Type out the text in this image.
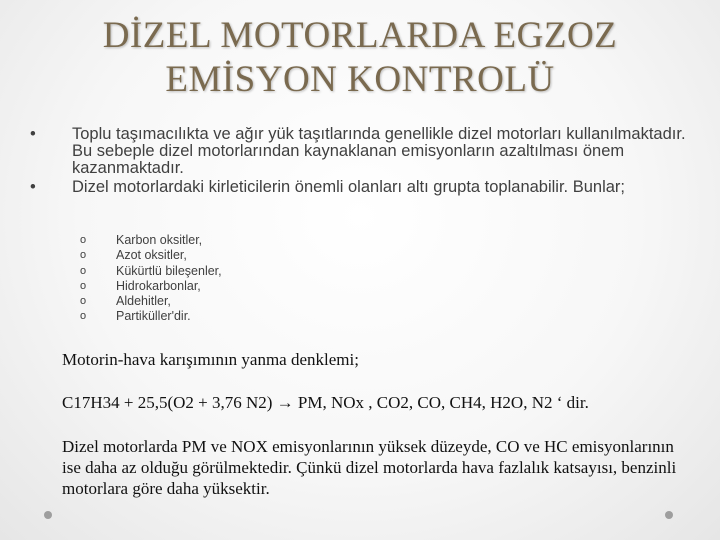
DİZEL MOTORLARDA EGZOZ
EMİSYON KONTROLÜ
•	Toplu taşımacılıkta ve ağır yük taşıtlarında genellikle dizel motorları kullanılmaktadır. Bu sebeple dizel motorlarından kaynaklanan emisyonların azaltılması önem kazanmaktadır.
•	Dizel motorlardaki kirleticilerin önemli olanları altı grupta toplanabilir. Bunlar;
o Karbon oksitler,
o Azot oksitler,
o Kükürtlü bileşenler,
o Hidrokarbonlar,
o Aldehitler,
o Partiküller'dir.

Motorin-hava karışımının yanma denklemi;

C17H34 + 25,5(O2 + 3,76 N2) → PM, NOx , CO2, CO, CH4, H2O, N2 ‘ dir.

Dizel motorlarda PM ve NOX emisyonlarının yüksek düzeyde, CO ve HC emisyonlarının ise daha az olduğu görülmektedir. Çünkü dizel motorlarda hava fazlalık katsayısı, benzinli motorlara göre daha yüksektir.
